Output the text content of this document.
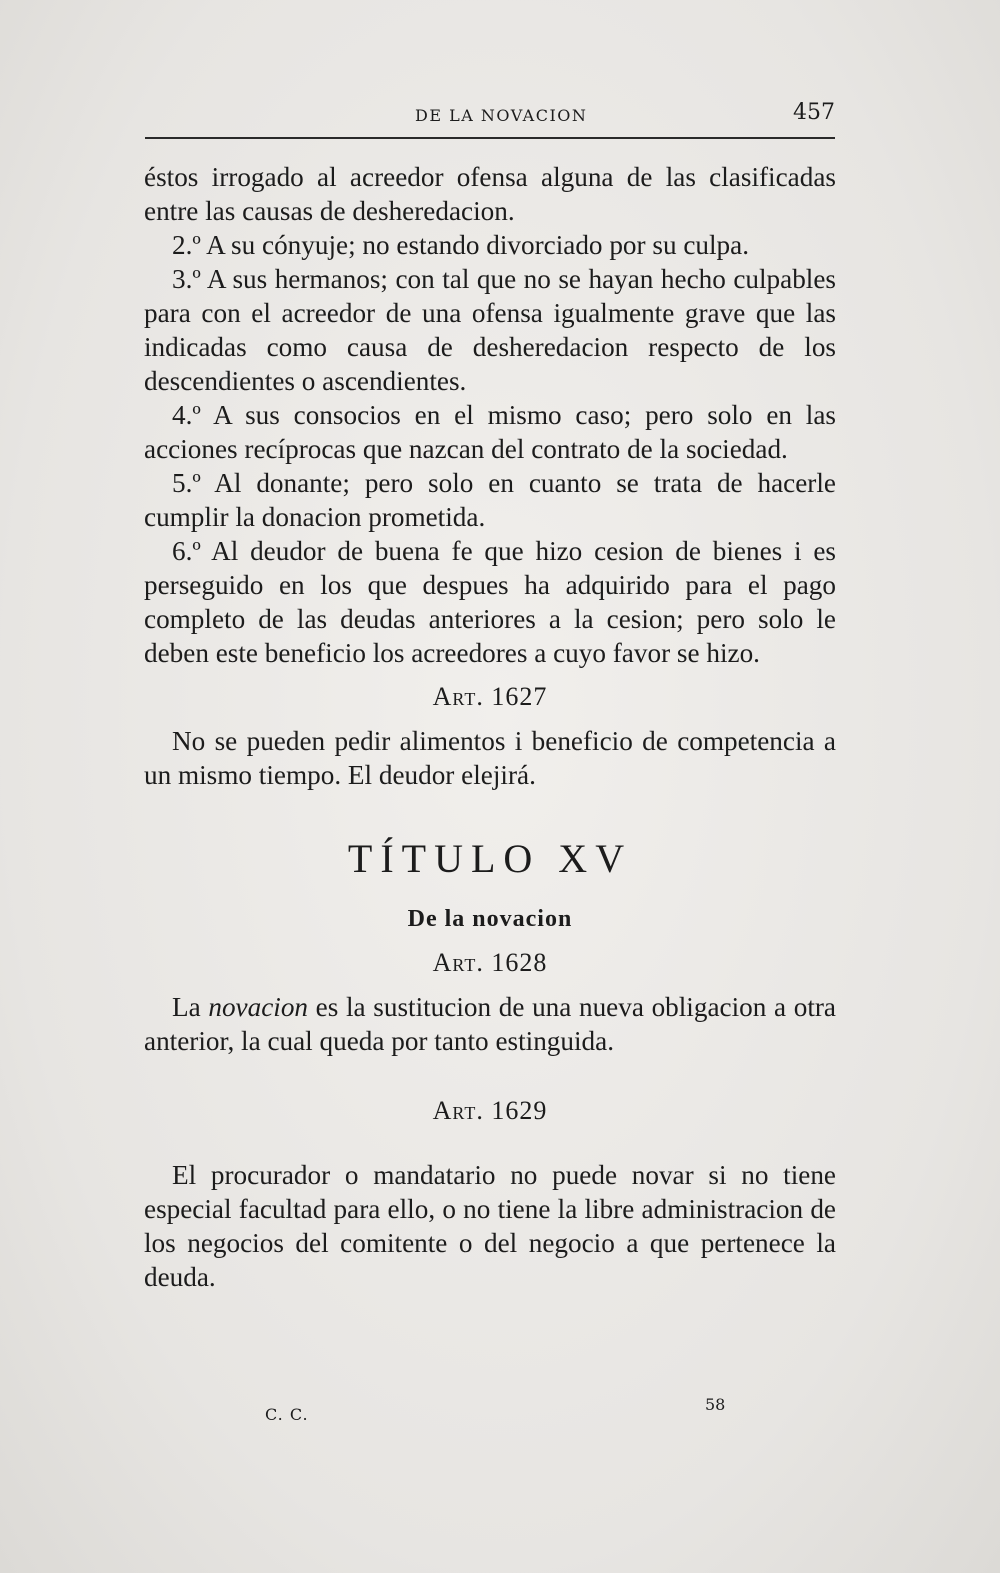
DE LA NOVACION	457

éstos irrogado al acreedor ofensa alguna de las clasificadas entre las causas de desheredacion.

2.º A su cónyuje; no estando divorciado por su culpa.

3.º A sus hermanos; con tal que no se hayan hecho culpables para con el acreedor de una ofensa igualmente grave que las indicadas como causa de desheredacion respecto de los descendientes o ascendientes.

4.º A sus consocios en el mismo caso; pero solo en las acciones recíprocas que nazcan del contrato de la sociedad.

5.º Al donante; pero solo en cuanto se trata de hacerle cumplir la donacion prometida.

6.º Al deudor de buena fe que hizo cesion de bienes i es perseguido en los que despues ha adquirido para el pago completo de las deudas anteriores a la cesion; pero solo le deben este beneficio los acreedores a cuyo favor se hizo.

Art. 1627

No se pueden pedir alimentos i beneficio de competencia a un mismo tiempo. El deudor elejirá.

TÍTULO XV
De la novacion
Art. 1628

La novacion es la sustitucion de una nueva obligacion a otra anterior, la cual queda por tanto estinguida.

Art. 1629

El procurador o mandatario no puede novar si no tiene especial facultad para ello, o no tiene la libre administracion de los negocios del comitente o del negocio a que pertenece la deuda.

C. C.
58
